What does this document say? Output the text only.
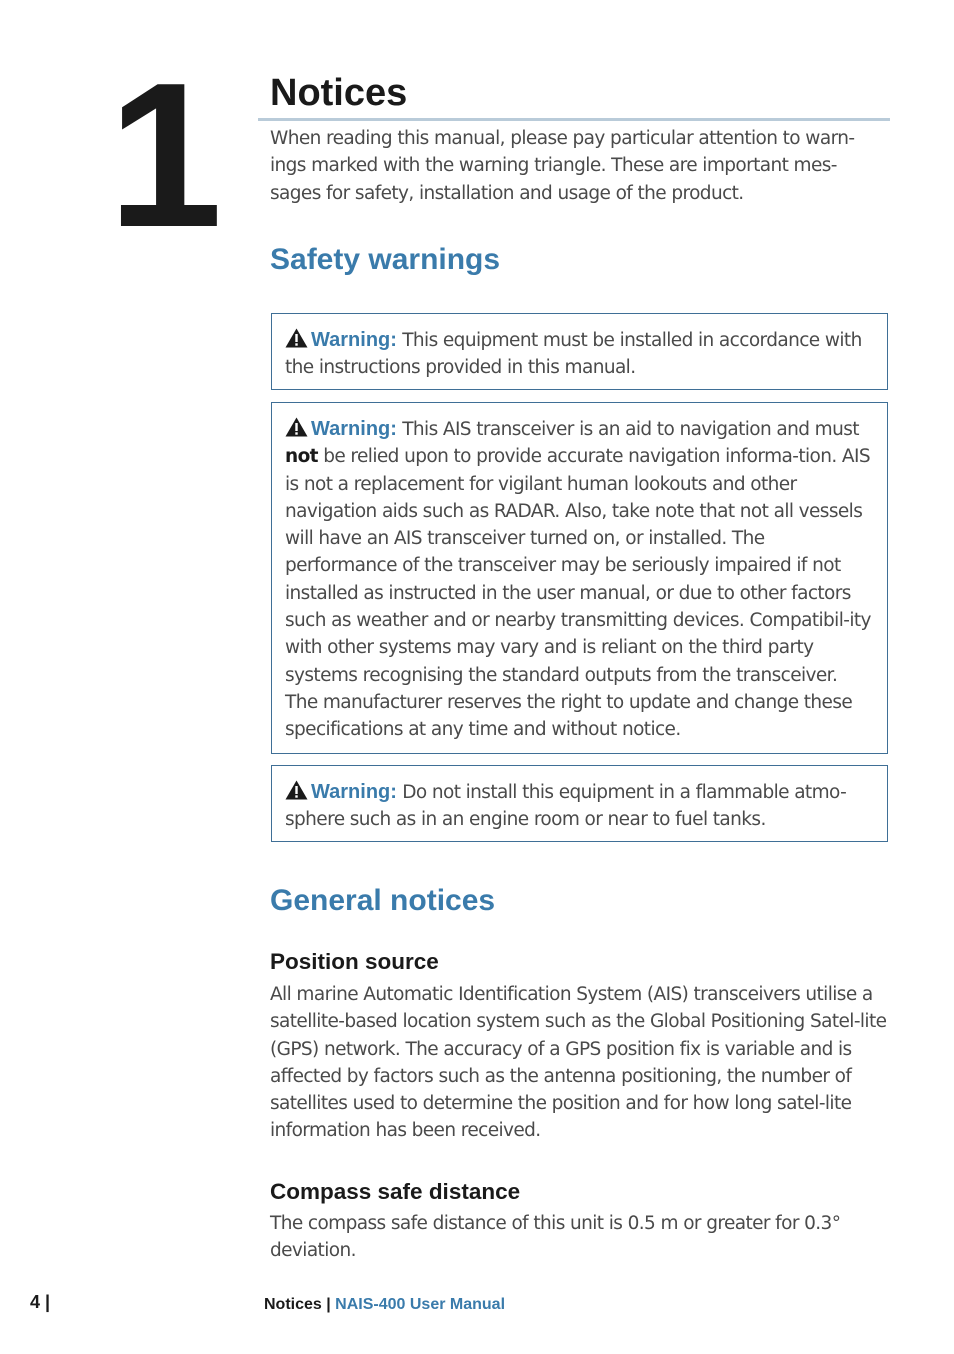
1 Notices

When reading this manual, please pay particular attention to warn-ings marked with the warning triangle. These are important mes-sages for safety, installation and usage of the product.

Safety warnings

Warning: This equipment must be installed in accordance with the instructions provided in this manual.

Warning: This AIS transceiver is an aid to navigation and must not be relied upon to provide accurate navigation informa-tion. AIS is not a replacement for vigilant human lookouts and other navigation aids such as RADAR. Also, take note that not all vessels will have an AIS transceiver turned on, or installed. The performance of the transceiver may be seriously impaired if not installed as instructed in the user manual, or due to other factors such as weather and or nearby transmitting devices. Compatibil-ity with other systems may vary and is reliant on the third party systems recognising the standard outputs from the transceiver. The manufacturer reserves the right to update and change these specifications at any time and without notice.

Warning: Do not install this equipment in a flammable atmo-sphere such as in an engine room or near to fuel tanks.

General notices
Position source

All marine Automatic Identification System (AIS) transceivers utilise a satellite-based location system such as the Global Positioning Satel-lite (GPS) network. The accuracy of a GPS position fix is variable and is affected by factors such as the antenna positioning, the number of satellites used to determine the position and for how long satel-lite information has been received.

Compass safe distance

The compass safe distance of this unit is 0.5 m or greater for 0.3° deviation.

4 |	Notices | NAIS-400 User Manual
